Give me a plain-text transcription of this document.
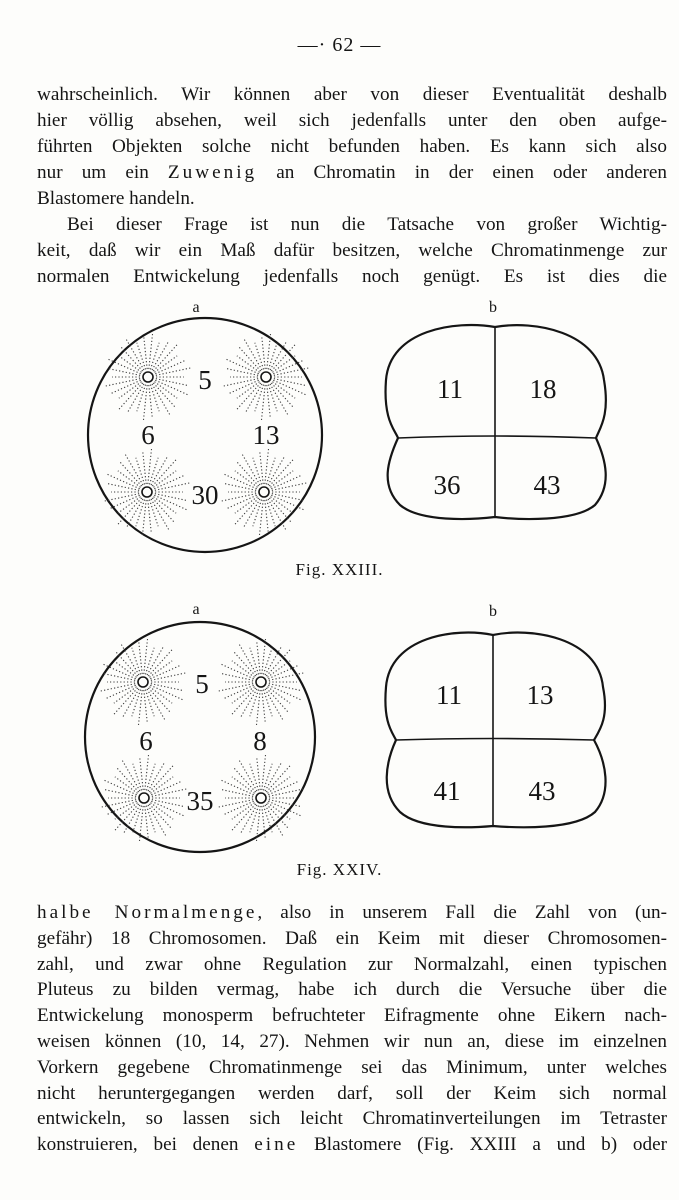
—· 62 —

wahrscheinlich. Wir können aber von dieser Eventualität deshalb
hier völlig absehen, weil sich jedenfalls unter den oben aufge-
führten Objekten solche nicht befunden haben. Es kann sich also
nur um ein Zuwenig an Chromatin in der einen oder anderen
Blastomere handeln.

Bei dieser Frage ist nun die Tatsache von großer Wichtig-
keit, daß wir ein Maß dafür besitzen, welche Chromatinmenge zur
normalen Entwickelung jedenfalls noch genügt. Es ist dies die

a	b
5
6	13
30
11 18
36	43
Fig. XXIII.
a	b
5
6	8
35
11 13
41	43
Fig. XXIV.

halbe Normalmenge, also in unserem Fall die Zahl von (un-
gefähr) 18 Chromosomen. Daß ein Keim mit dieser Chromosomen-
zahl, und zwar ohne Regulation zur Normalzahl, einen typischen
Pluteus zu bilden vermag, habe ich durch die Versuche über die
Entwickelung monosperm befruchteter Eifragmente ohne Eikern nach-
weisen können (10, 14, 27). Nehmen wir nun an, diese im einzelnen
Vorkern gegebene Chromatinmenge sei das Minimum, unter welches
nicht heruntergegangen werden darf, soll der Keim sich normal
entwickeln, so lassen sich leicht Chromatinverteilungen im Tetraster
konstruieren, bei denen eine Blastomere (Fig. XXIII a und b) oder
